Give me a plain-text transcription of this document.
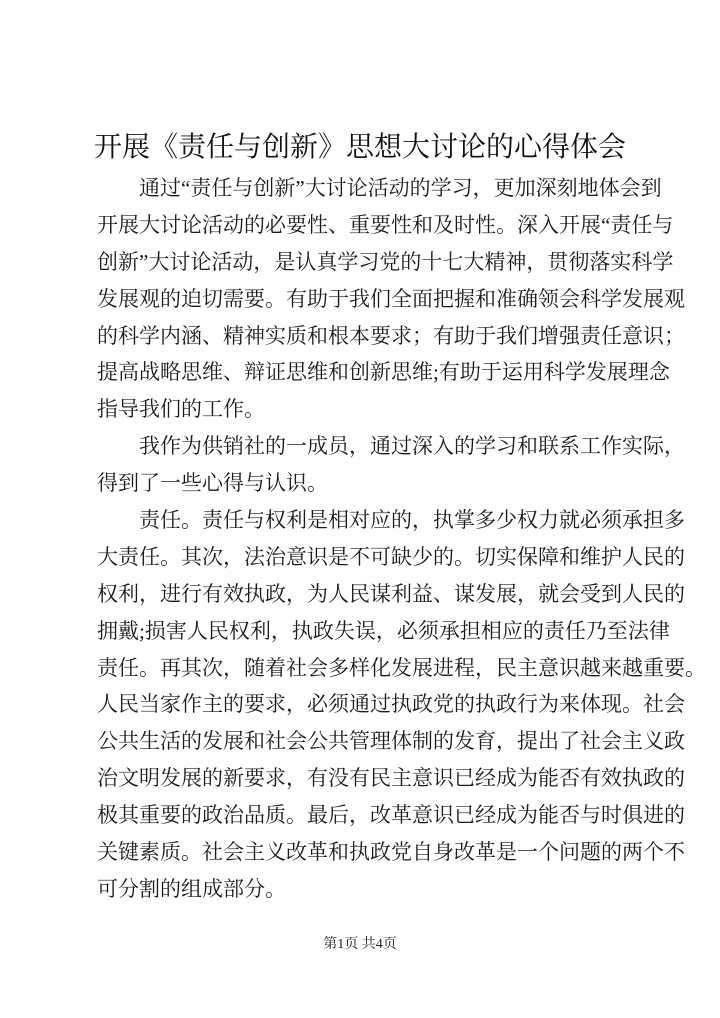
开展《责任与创新》思想大讨论的心得体会
通过“责任与创新”大讨论活动的学习，更加深刻地体会到
开展大讨论活动的必要性、重要性和及时性。深入开展“责任与
创新”大讨论活动，是认真学习党的十七大精神，贯彻落实科学
发展观的迫切需要。有助于我们全面把握和准确领会科学发展观
的科学内涵、精神实质和根本要求；有助于我们增强责任意识；
提高战略思维、辩证思维和创新思维;有助于运用科学发展理念
指导我们的工作。
我作为供销社的一成员，通过深入的学习和联系工作实际，
得到了一些心得与认识。
责任。责任与权利是相对应的，执掌多少权力就必须承担多
大责任。其次，法治意识是不可缺少的。切实保障和维护人民的
权利，进行有效执政，为人民谋利益、谋发展，就会受到人民的
拥戴;损害人民权利，执政失误，必须承担相应的责任乃至法律
责任。再其次，随着社会多样化发展进程，民主意识越来越重要。
人民当家作主的要求，必须通过执政党的执政行为来体现。社会
公共生活的发展和社会公共管理体制的发育，提出了社会主义政
治文明发展的新要求，有没有民主意识已经成为能否有效执政的
极其重要的政治品质。最后，改革意识已经成为能否与时俱进的
关键素质。社会主义改革和执政党自身改革是一个问题的两个不
可分割的组成部分。
第1页 共4页
